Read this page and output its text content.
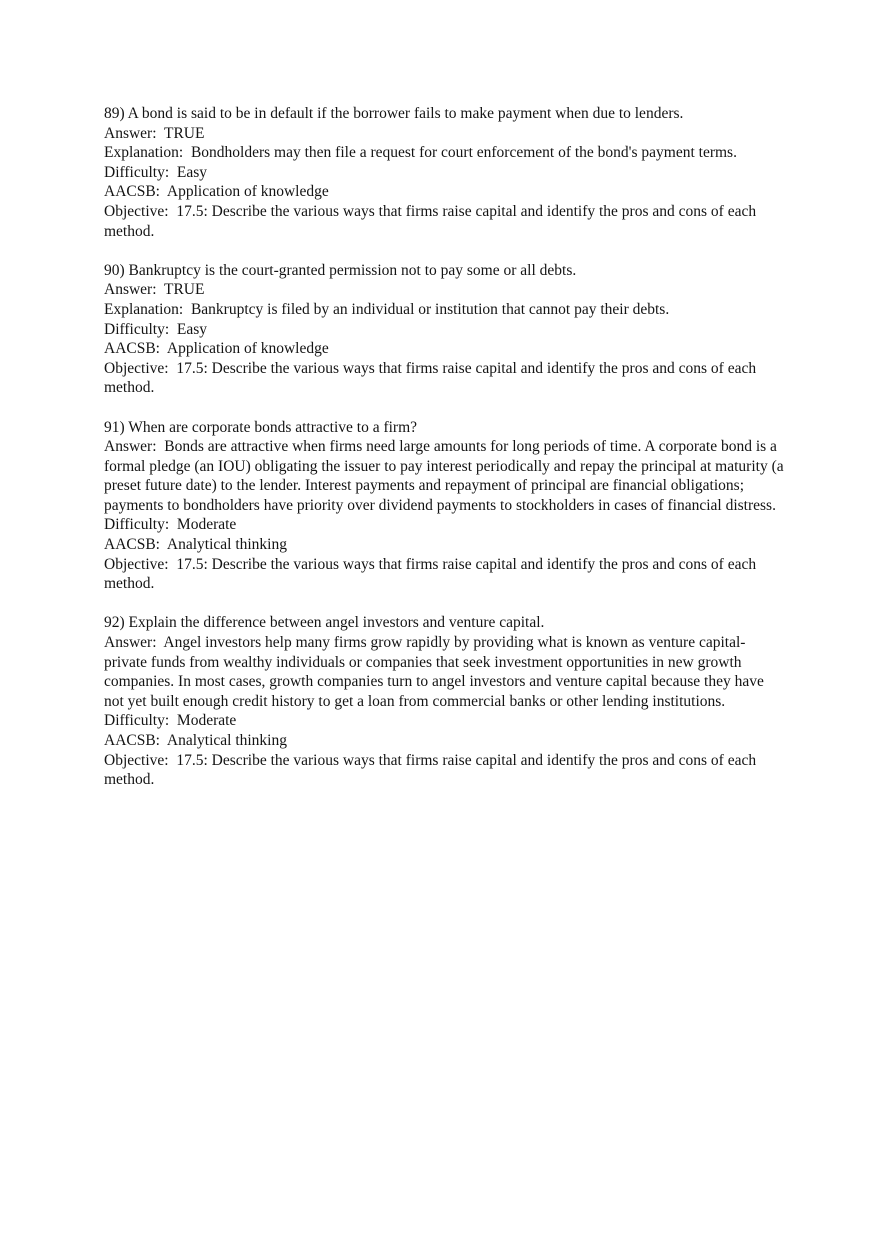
89) A bond is said to be in default if the borrower fails to make payment when due to lenders.

Answer:  TRUE

Explanation:  Bondholders may then file a request for court enforcement of the bond's payment terms.

Difficulty:  Easy

AACSB:  Application of knowledge

Objective:  17.5: Describe the various ways that firms raise capital and identify the pros and cons of each method.

90) Bankruptcy is the court-granted permission not to pay some or all debts.

Answer:  TRUE

Explanation:  Bankruptcy is filed by an individual or institution that cannot pay their debts.

Difficulty:  Easy

AACSB:  Application of knowledge

Objective:  17.5: Describe the various ways that firms raise capital and identify the pros and cons of each method.

91) When are corporate bonds attractive to a firm?

Answer:  Bonds are attractive when firms need large amounts for long periods of time. A corporate bond is a formal pledge (an IOU) obligating the issuer to pay interest periodically and repay the principal at maturity (a preset future date) to the lender. Interest payments and repayment of principal are financial obligations; payments to bondholders have priority over dividend payments to stockholders in cases of financial distress.

Difficulty:  Moderate

AACSB:  Analytical thinking

Objective:  17.5: Describe the various ways that firms raise capital and identify the pros and cons of each method.

92) Explain the difference between angel investors and venture capital.

Answer:  Angel investors help many firms grow rapidly by providing what is known as venture capital-private funds from wealthy individuals or companies that seek investment opportunities in new growth companies. In most cases, growth companies turn to angel investors and venture capital because they have not yet built enough credit history to get a loan from commercial banks or other lending institutions.

Difficulty:  Moderate

AACSB:  Analytical thinking

Objective:  17.5: Describe the various ways that firms raise capital and identify the pros and cons of each method.
